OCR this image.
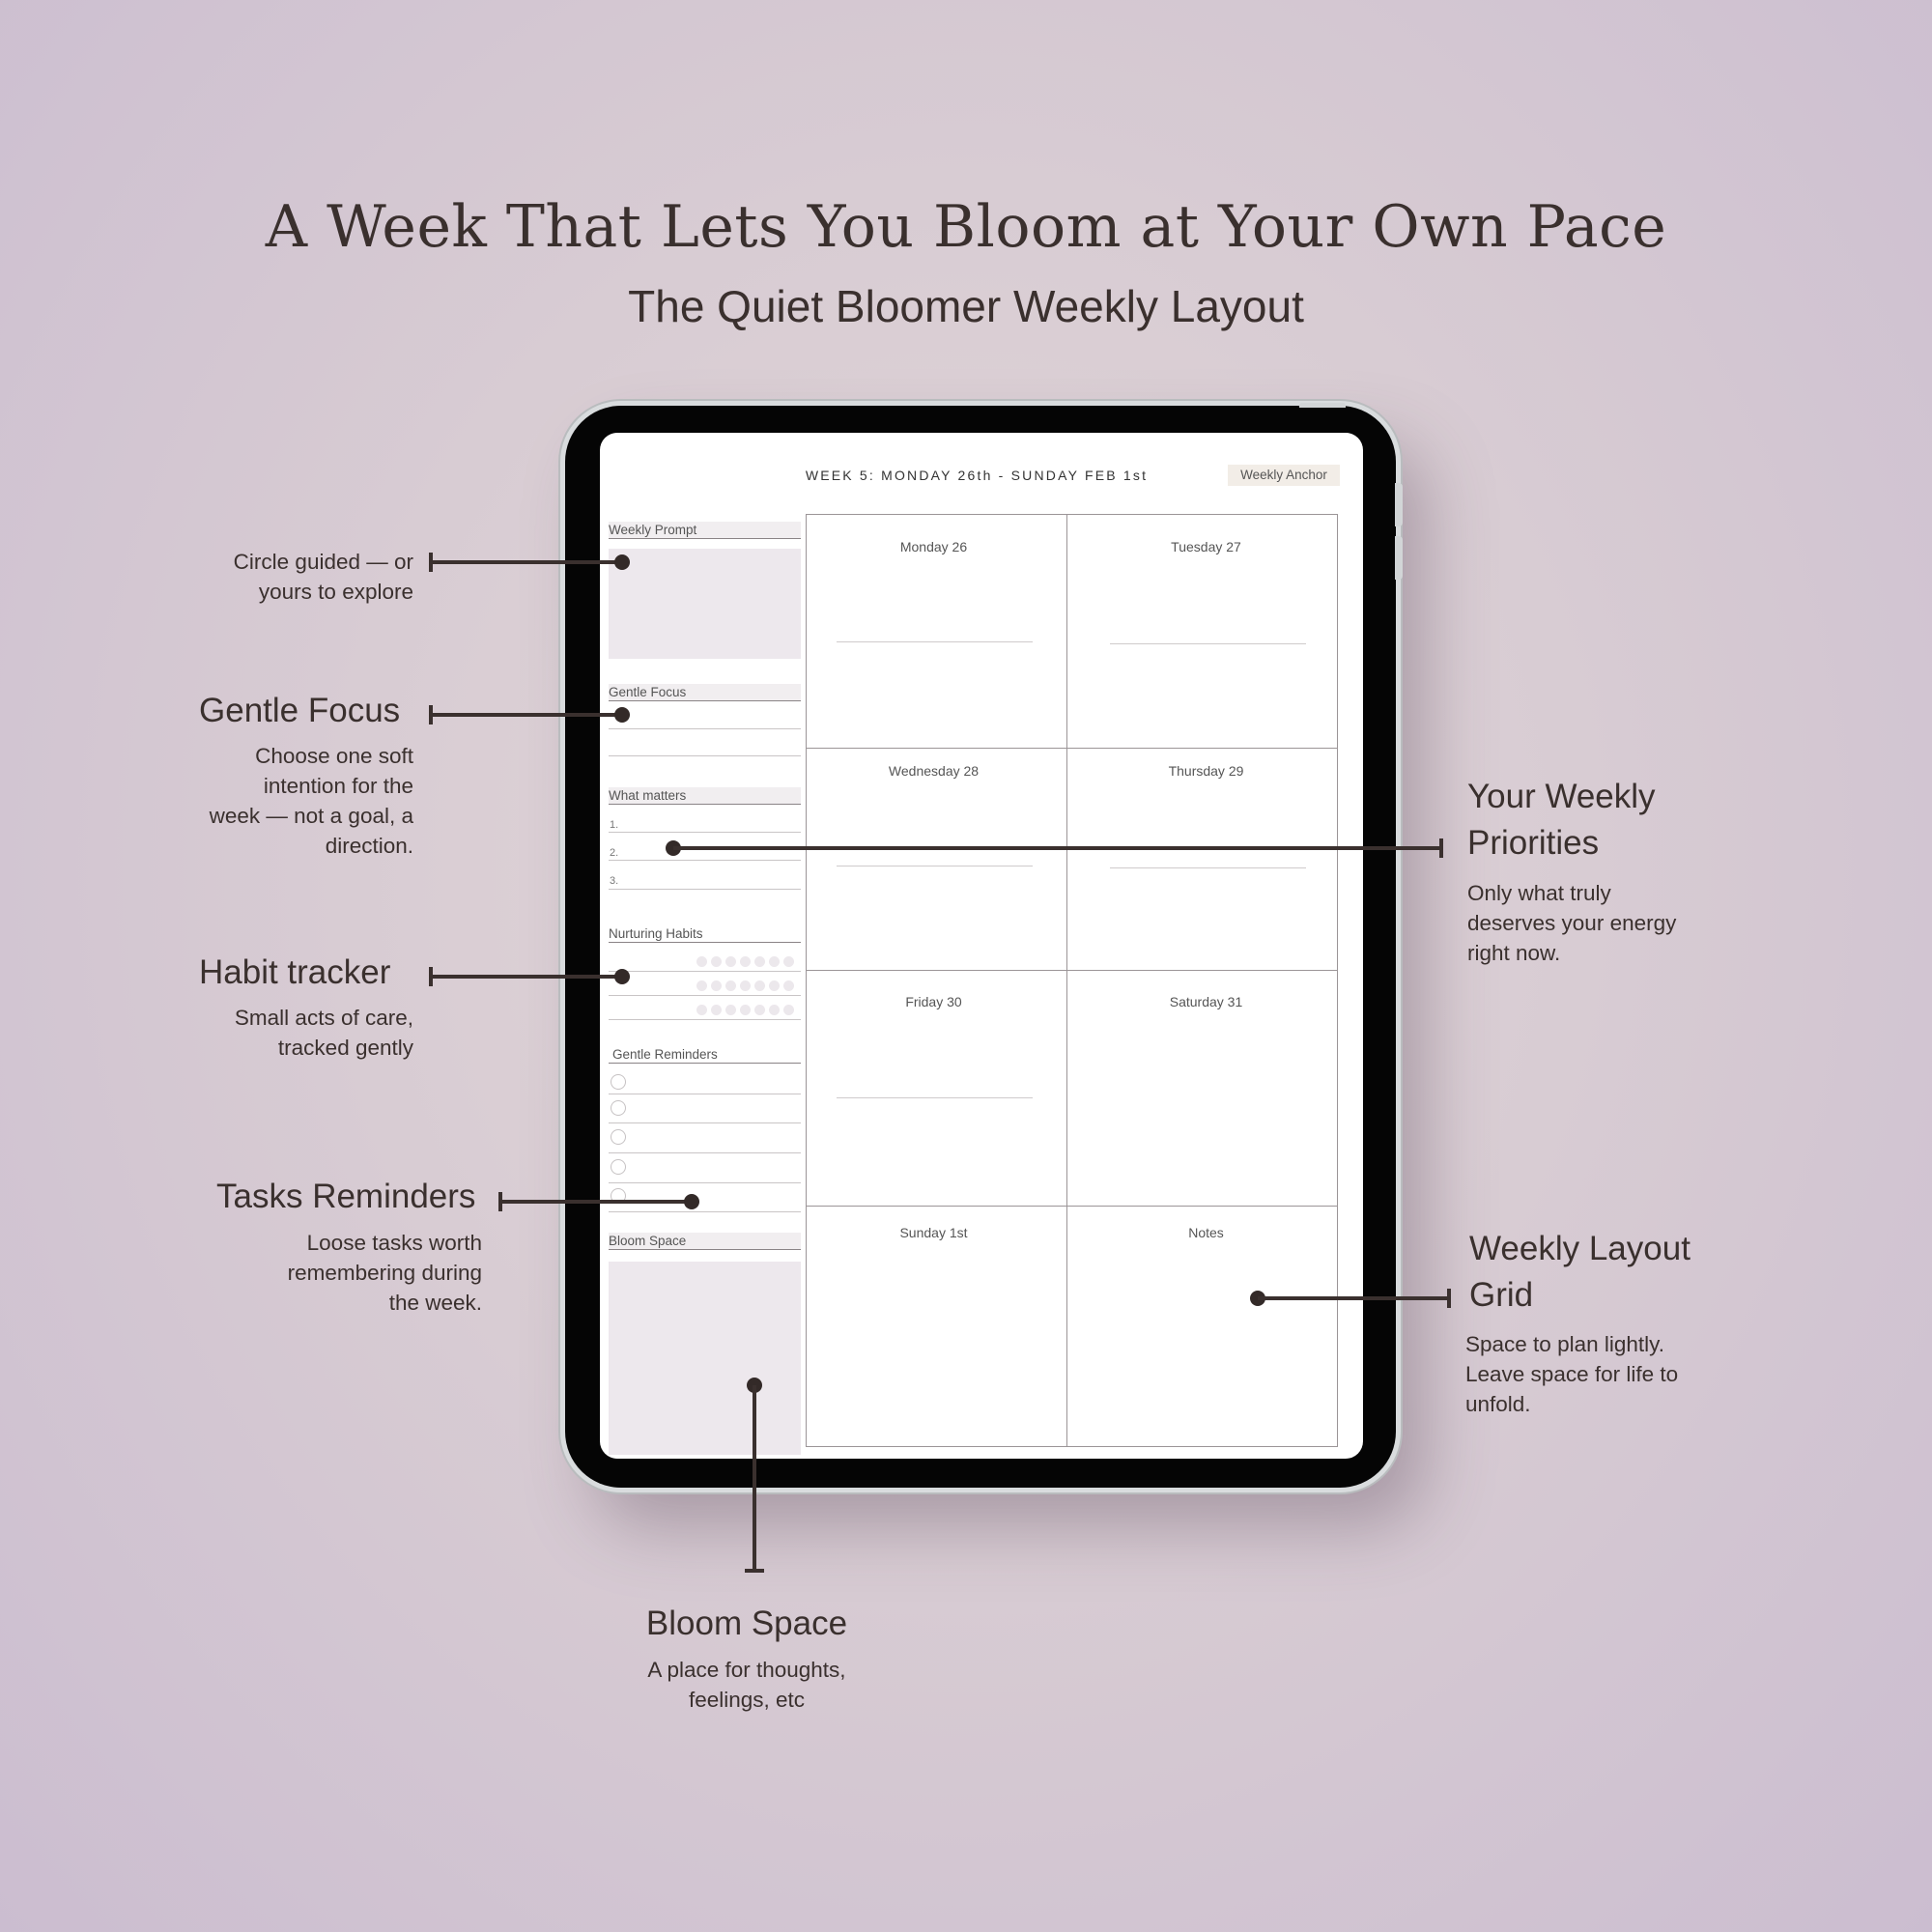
A Week That Lets You Bloom at Your Own Pace
The Quiet Bloomer Weekly Layout
WEEK 5: MONDAY 26th - SUNDAY FEB 1st	Weekly Anchor
Weekly Prompt
Gentle Focus
What matters
1.
2.
3.
Nurturing Habits
Gentle Reminders
Bloom Space
Monday 26	Tuesday 27
Wednesday 28	Thursday 29
Friday 30	Saturday 31
Sunday 1st	Notes
Circle guided — or
yours to explore
Gentle Focus
Choose one soft
intention for the
week — not a goal, a
direction.
Habit tracker
Small acts of care,
tracked gently
Tasks Reminders
Loose tasks worth
remembering during
the week.
Your Weekly
Priorities
Only what truly
deserves your energy
right now.
Weekly Layout
Grid
Space to plan lightly.
Leave space for life to
unfold.
Bloom Space
A place for thoughts,
feelings, etc
